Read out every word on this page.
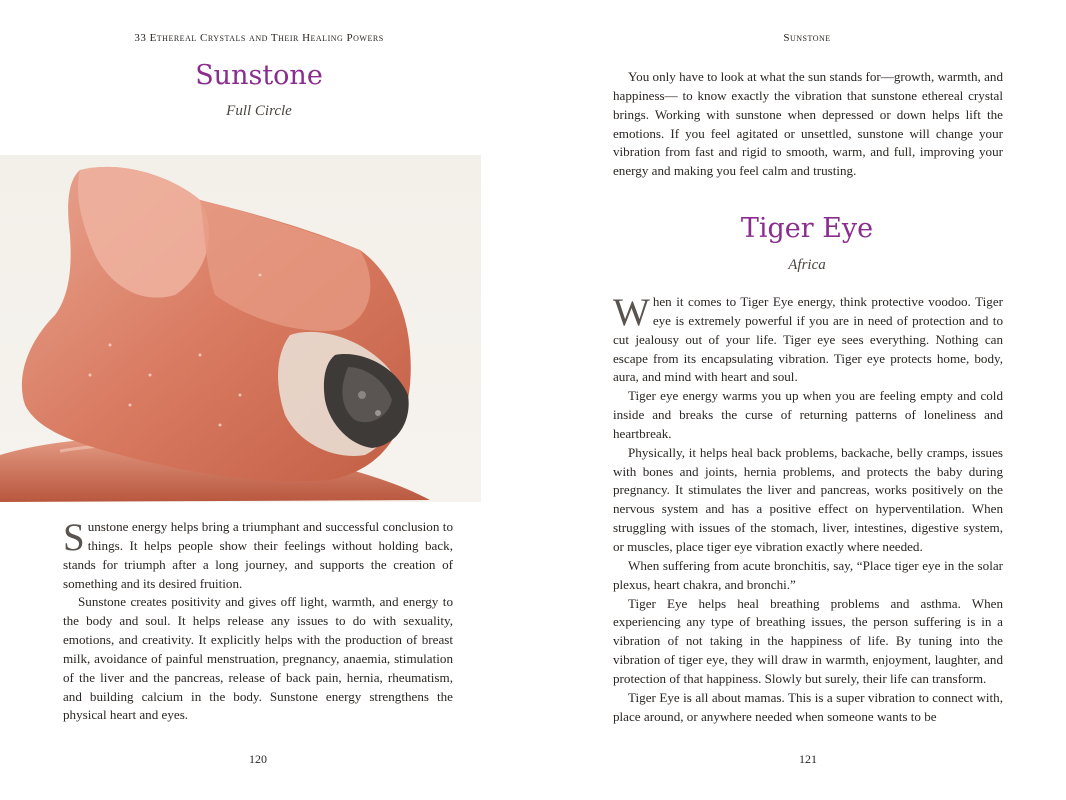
33 Ethereal Crystals and Their Healing Powers
Sunstone
Full Circle

Sunstone energy helps bring a triumphant and successful conclusion to things. It helps people show their feelings without holding back, stands for triumph after a long journey, and supports the creation of something and its desired fruition.

Sunstone creates positivity and gives off light, warmth, and energy to the body and soul. It helps release any issues to do with sexuality, emotions, and creativity. It explicitly helps with the production of breast milk, avoidance of painful menstruation, pregnancy, anaemia, stimulation of the liver and the pancreas, release of back pain, hernia, rheumatism, and building calcium in the body. Sunstone energy strengthens the physical heart and eyes.

120
Sunstone

You only have to look at what the sun stands for—growth, warmth, and happiness— to know exactly the vibration that sunstone ethereal crystal brings. Working with sunstone when depressed or down helps lift the emotions. If you feel agitated or unsettled, sunstone will change your vibration from fast and rigid to smooth, warm, and full, improving your energy and making you feel calm and trusting.

Tiger Eye
Africa

When it comes to Tiger Eye energy, think protective voodoo. Tiger eye is extremely powerful if you are in need of protection and to cut jealousy out of your life. Tiger eye sees everything. Nothing can escape from its encapsulating vibration. Tiger eye protects home, body, aura, and mind with heart and soul.

Tiger eye energy warms you up when you are feeling empty and cold inside and breaks the curse of returning patterns of loneliness and heartbreak.

Physically, it helps heal back problems, backache, belly cramps, issues with bones and joints, hernia problems, and protects the baby during pregnancy. It stimulates the liver and pancreas, works positively on the nervous system and has a positive effect on hyperventilation. When struggling with issues of the stomach, liver, intestines, digestive system, or muscles, place tiger eye vibration exactly where needed.

When suffering from acute bronchitis, say, “Place tiger eye in the solar plexus, heart chakra, and bronchi.”

Tiger Eye helps heal breathing problems and asthma. When experiencing any type of breathing issues, the person suffering is in a vibration of not taking in the happiness of life. By tuning into the vibration of tiger eye, they will draw in warmth, enjoyment, laughter, and protection of that happiness. Slowly but surely, their life can transform.

Tiger Eye is all about mamas. This is a super vibration to connect with, place around, or anywhere needed when someone wants to be

121
